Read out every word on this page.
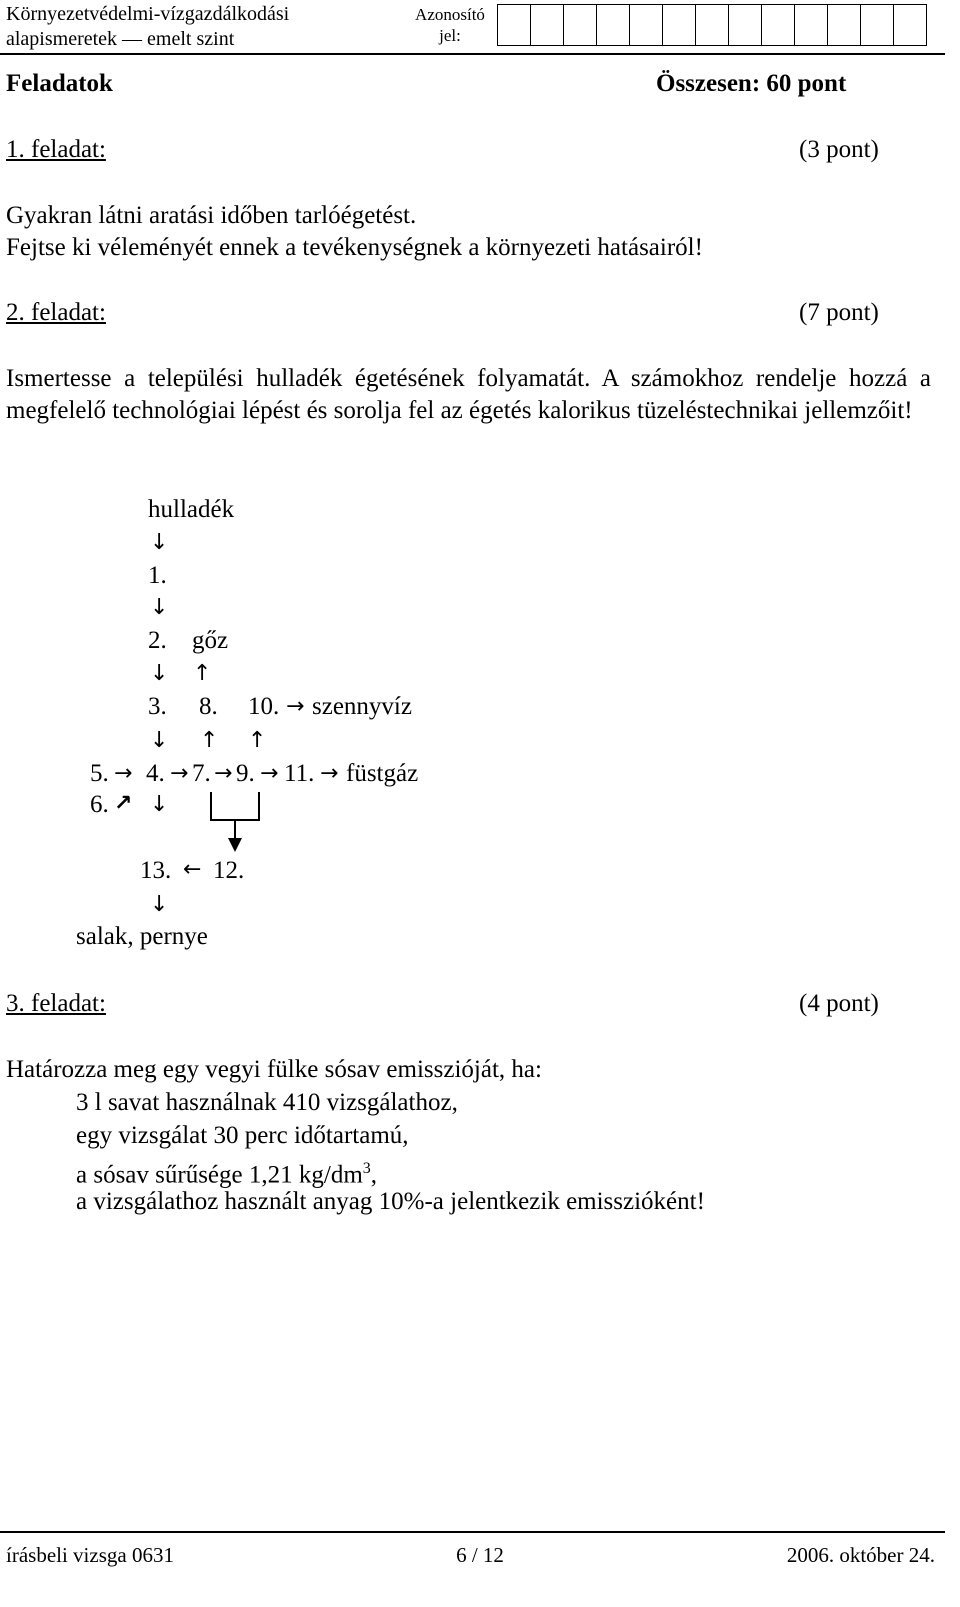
Környezetvédelmi-vízgazdálkodási
alapismeretek — emelt szint
Azonosító
jel:
Feladatok	Összesen: 60 pont
1. feladat:	(3 pont)
Gyakran látni aratási időben tarlóégetést.
Fejtse ki véleményét ennek a tevékenységnek a környezeti hatásairól!
2. feladat:	(7 pont)
Ismertesse a települési hulladék égetésének folyamatát. A számokhoz rendelje hozzá a megfelelő technológiai lépést és sorolja fel az égetés kalorikus tüzeléstechnikai jellemzőit!
hulladék
↓
1.
↓
2. gőz
↓ ↑
3. 8. 10. → szennyvíz
↓ ↑ ↑
5. → 4. → 7. → 9. → 11. → füstgáz
6. ↗ ↓
13. ← 12.
↓
salak, pernye
3. feladat:	(4 pont)
Határozza meg egy vegyi fülke sósav emisszióját, ha:
3 l savat használnak 410 vizsgálathoz,
egy vizsgálat 30 perc időtartamú,
a sósav sűrűsége 1,21 $kg/dm^3$,
a vizsgálathoz használt anyag 10%-a jelentkezik emisszióként!
írásbeli vizsga 0631	6 / 12	2006. október 24.
